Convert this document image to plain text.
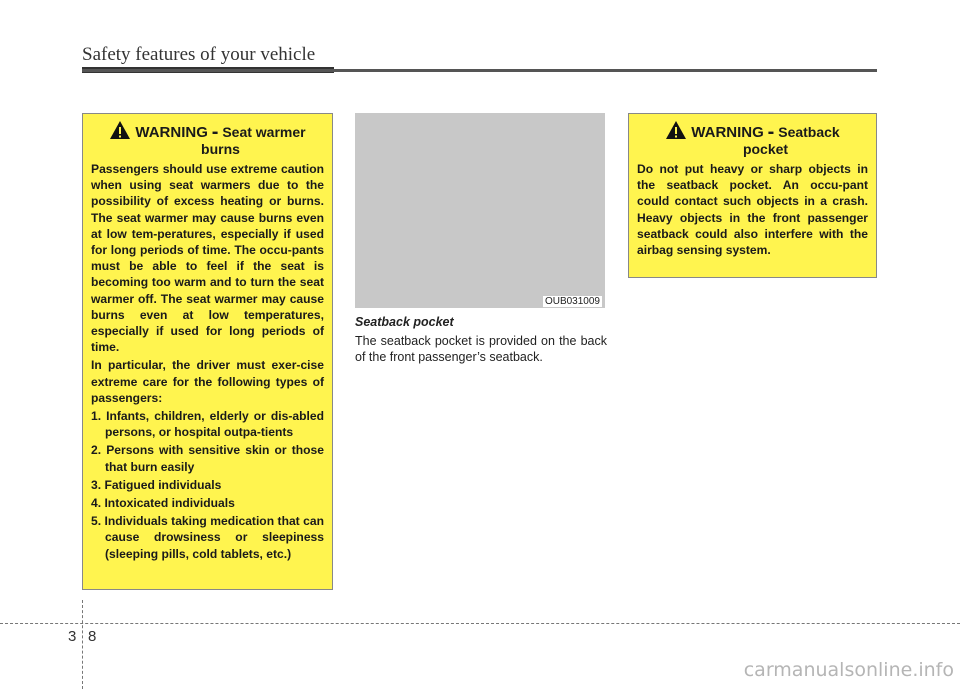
Safety features of your vehicle
WARNING - Seat warmer
burns

Passengers should use extreme caution when using seat warmers due to the possibility of excess heating or burns. The seat warmer may cause burns even at low tem-peratures, especially if used for long periods of time. The occu-pants must be able to feel if the seat is becoming too warm and to turn the seat warmer off. The seat warmer may cause burns even at low temperatures, especially if used for long periods of time.

In particular, the driver must exer-cise extreme care for the following types of passengers:

1. Infants, children, elderly or dis-abled persons, or hospital outpa-tients
2. Persons with sensitive skin or those that burn easily
3. Fatigued individuals
4. Intoxicated individuals
5. Individuals taking medication that can cause drowsiness or sleepiness (sleeping pills, cold tablets, etc.)
OUB031009
Seatback pocket
The seatback pocket is provided on the back of the front passenger’s seatback.
WARNING - Seatback
pocket

Do not put heavy or sharp objects in the seatback pocket. An occu-pant could contact such objects in a crash. Heavy objects in the front passenger seatback could also interfere with the airbag sensing system.

3 8
carmanualsonline.info
